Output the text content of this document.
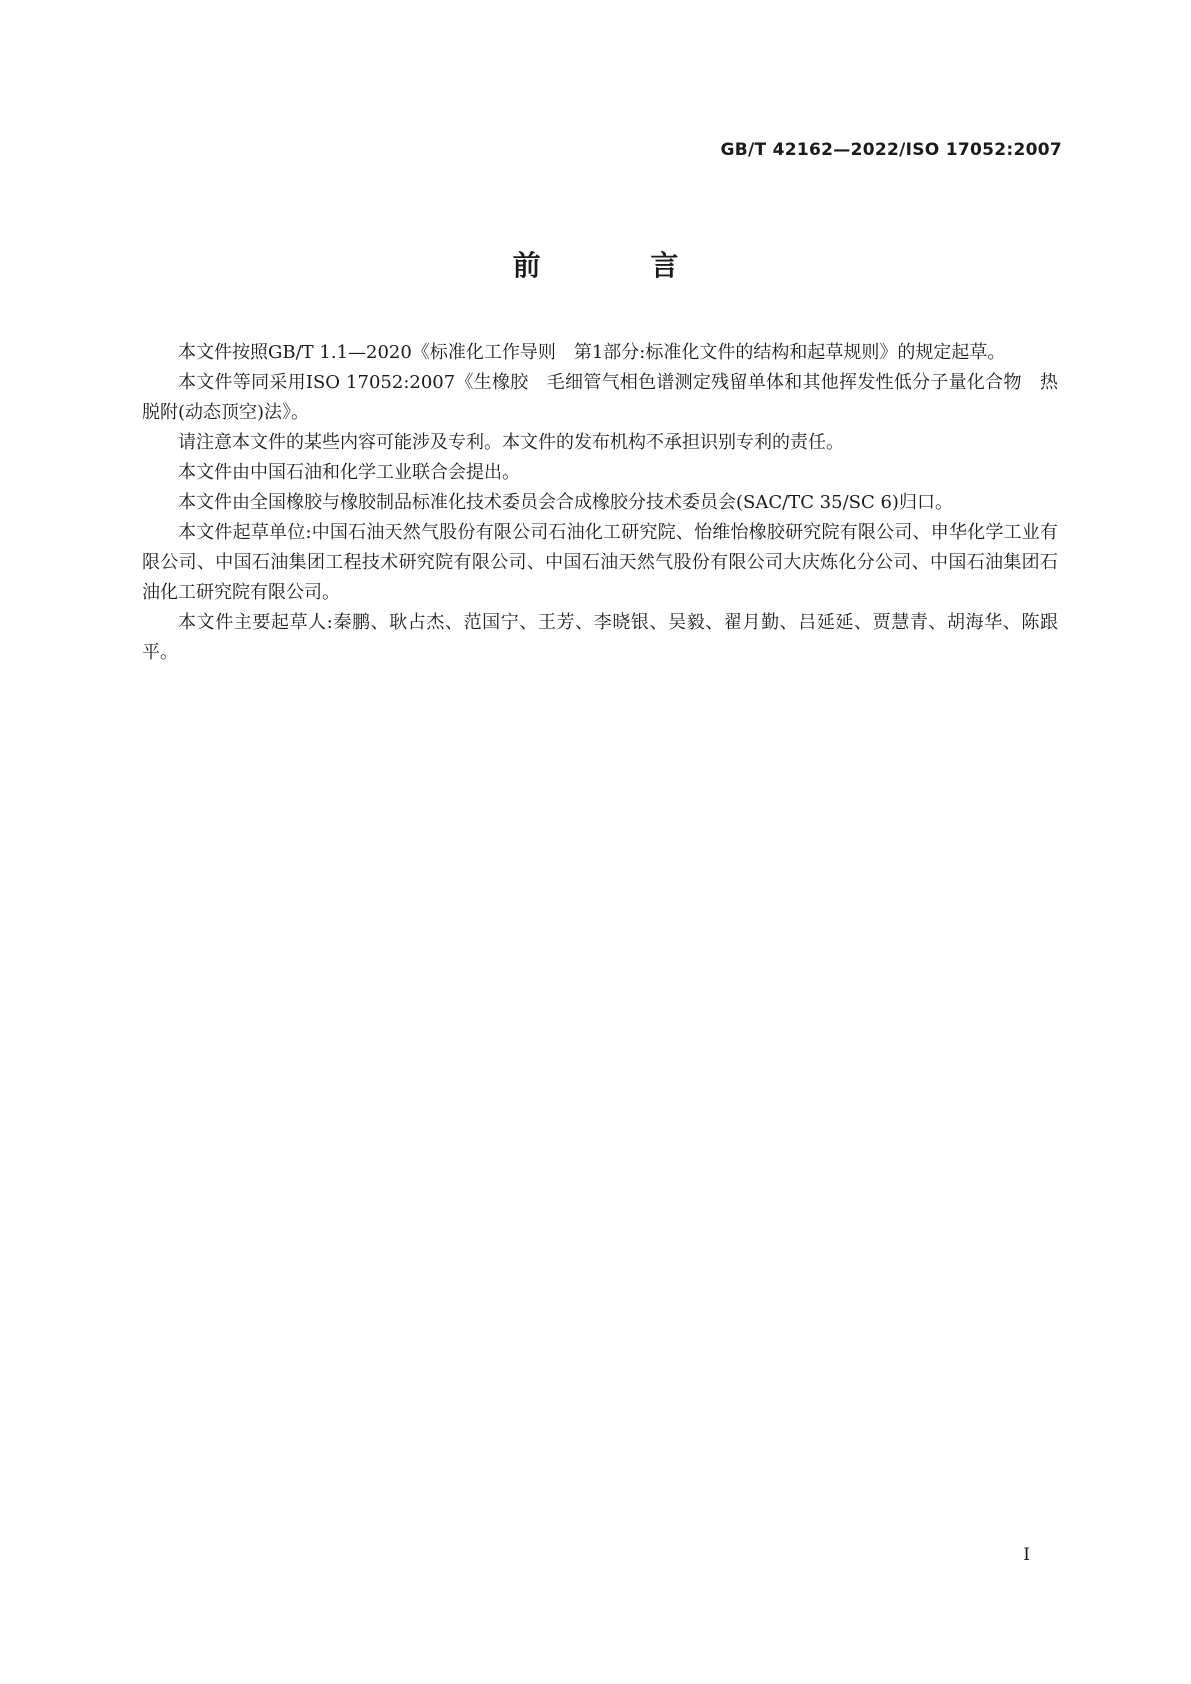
GB/T 42162—2022/ISO 17052:2007
前 言

本文件按照GB/T 1.1—2020《标准化工作导则　第1部分:标准化文件的结构和起草规则》的规定起草。

本文件等同采用ISO 17052:2007《生橡胶　毛细管气相色谱测定残留单体和其他挥发性低分子量化合物　热脱附(动态顶空)法》。

请注意本文件的某些内容可能涉及专利。本文件的发布机构不承担识别专利的责任。

本文件由中国石油和化学工业联合会提出。

本文件由全国橡胶与橡胶制品标准化技术委员会合成橡胶分技术委员会(SAC/TC 35/SC 6)归口。

本文件起草单位:中国石油天然气股份有限公司石油化工研究院、怡维怡橡胶研究院有限公司、申华化学工业有限公司、中国石油集团工程技术研究院有限公司、中国石油天然气股份有限公司大庆炼化分公司、中国石油集团石油化工研究院有限公司。

本文件主要起草人:秦鹏、耿占杰、范国宁、王芳、李晓银、吴毅、翟月勤、吕延延、贾慧青、胡海华、陈跟平。

I
